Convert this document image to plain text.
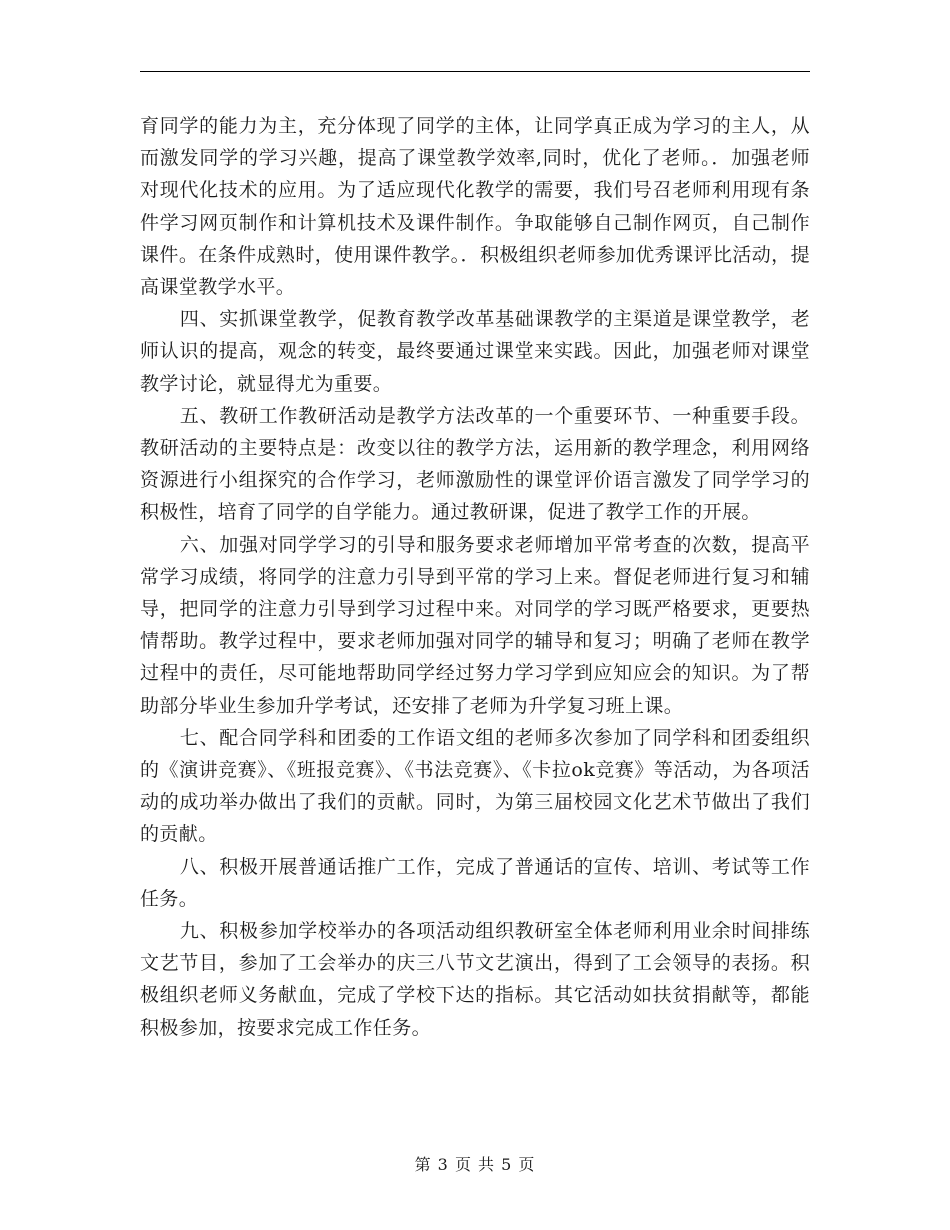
育同学的能力为主，充分体现了同学的主体，让同学真正成为学习的主人，从而激发同学的学习兴趣，提高了课堂教学效率,同时，优化了老师。．加强老师对现代化技术的应用。为了适应现代化教学的需要，我们号召老师利用现有条件学习网页制作和计算机技术及课件制作。争取能够自己制作网页，自己制作课件。在条件成熟时，使用课件教学。．积极组织老师参加优秀课评比活动，提高课堂教学水平。

四、实抓课堂教学，促教育教学改革基础课教学的主渠道是课堂教学，老师认识的提高，观念的转变，最终要通过课堂来实践。因此，加强老师对课堂教学讨论，就显得尤为重要。

五、教研工作教研活动是教学方法改革的一个重要环节、一种重要手段。教研活动的主要特点是：改变以往的教学方法，运用新的教学理念，利用网络资源进行小组探究的合作学习，老师激励性的课堂评价语言激发了同学学习的积极性，培育了同学的自学能力。通过教研课，促进了教学工作的开展。

六、加强对同学学习的引导和服务要求老师增加平常考查的次数，提高平常学习成绩，将同学的注意力引导到平常的学习上来。督促老师进行复习和辅导，把同学的注意力引导到学习过程中来。对同学的学习既严格要求，更要热情帮助。教学过程中，要求老师加强对同学的辅导和复习；明确了老师在教学过程中的责任，尽可能地帮助同学经过努力学习学到应知应会的知识。为了帮助部分毕业生参加升学考试，还安排了老师为升学复习班上课。

七、配合同学科和团委的工作语文组的老师多次参加了同学科和团委组织的《演讲竞赛》、《班报竞赛》、《书法竞赛》、《卡拉ok竞赛》等活动，为各项活动的成功举办做出了我们的贡献。同时，为第三届校园文化艺术节做出了我们的贡献。

八、积极开展普通话推广工作，完成了普通话的宣传、培训、考试等工作任务。

九、积极参加学校举办的各项活动组织教研室全体老师利用业余时间排练文艺节目，参加了工会举办的庆三八节文艺演出，得到了工会领导的表扬。积极组织老师义务献血，完成了学校下达的指标。其它活动如扶贫捐献等，都能积极参加，按要求完成工作任务。

第 3 页 共 5 页
